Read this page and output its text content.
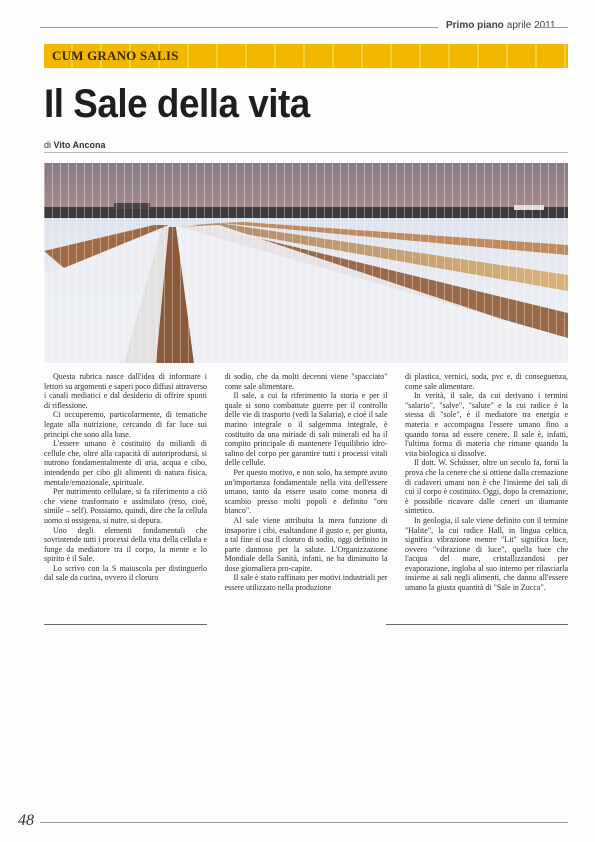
Primo piano aprile 2011
CUM GRANO SALIS
Il Sale della vita
di Vito Ancona

Questa rubrica nasce dall'idea di informare i lettori su argomenti e saperi poco diffusi attraverso i canali mediatici e dal desiderio di offrire spunti di riflessione.

Ci occuperemo, particolarmente, di tematiche legate alla nutrizione, cercando di far luce sui principi che sono alla base.

L'essere umano è costituito da miliardi di cellule che, oltre alla capacità di autoriprodursi, si nutrono fondamentalmente di aria, acqua e cibo, intendendo per cibo gli alimenti di natura fisica, mentale/emozionale, spirituale.

Per nutrimento cellulare, si fa riferimento a ciò che viene trasformato e assimilato (reso, cioè, simile – self). Possiamo, quindi, dire che la cellula uomo si ossigena, si nutre, si depura.

Uno degli elementi fondamentali che sovrintende tutti i processi della vita della cellula e funge da mediatore tra il corpo, la mente e lo spirito è il Sale.

Lo scrivo con la S maiuscola per distinguerlo dal sale da cucina, ovvero il cloruro

di sodio, che da molti decenni viene "spacciato" come sale alimentare.

Il sale, a cui fa riferimento la storia e per il quale si sono combattute guerre per il controllo delle vie di trasporto (vedi la Salaria), e cioè il sale marino integrale o il salgemma integrale, è costituito da una miriade di sali minerali ed ha il compito principale di mantenere l'equilibrio idro-salino del corpo per garantire tutti i processi vitali delle cellule.

Per questo motivo, e non solo, ha sempre avuto un'importanza fondamentale nella vita dell'essere umano, tanto da essere usato come moneta di scambio presso molti popoli e definito "oro bianco".

Al sale viene attribuita la mera funzione di insaporire i cibi, esaltandone il gusto e, per giunta, a tal fine si usa il cloruro di sodio, oggi definito in parte dannoso per la salute. L'Organizzazione Mondiale della Sanità, infatti, ne ha diminuito la dose giornaliera pro-capite.

Il sale è stato raffinato per motivi industriali per essere utilizzato nella produzione

di plastica, vernici, soda, pvc e, di conseguenza, come sale alimentare.

In verità, il sale, da cui derivano i termini "salario", "salve", "salute" e la cui radice è la stessa di "sole", è il mediatore tra energia e materia e accompagna l'essere umano fino a quando torna ad essere cenere. Il sale è, infatti, l'ultima forma di materia che rimane quando la vita biologica si dissolve.

Il dott. W. Schüsser, oltre un secolo fa, fornì la prova che la cenere che si ottiene dalla cremazione di cadaveri umani non è che l'insieme dei sali di cui il corpo è costituito. Oggi, dopo la cremazione, è possibile ricavare dalle ceneri un diamante sintetico.

In geologia, il sale viene definito con il termine "Halite", la cui radice Hall, in lingua celtica, significa vibrazione mentre "Lit" significa luce, ovvero "vibrazione di luce", quella luce che l'acqua del mare, cristallizzandosi per evaporazione, ingloba al suo interno per rilasciarla insieme ai sali negli alimenti, che danno all'essere umano la giusta quantità di "Sale in Zucca".

48
